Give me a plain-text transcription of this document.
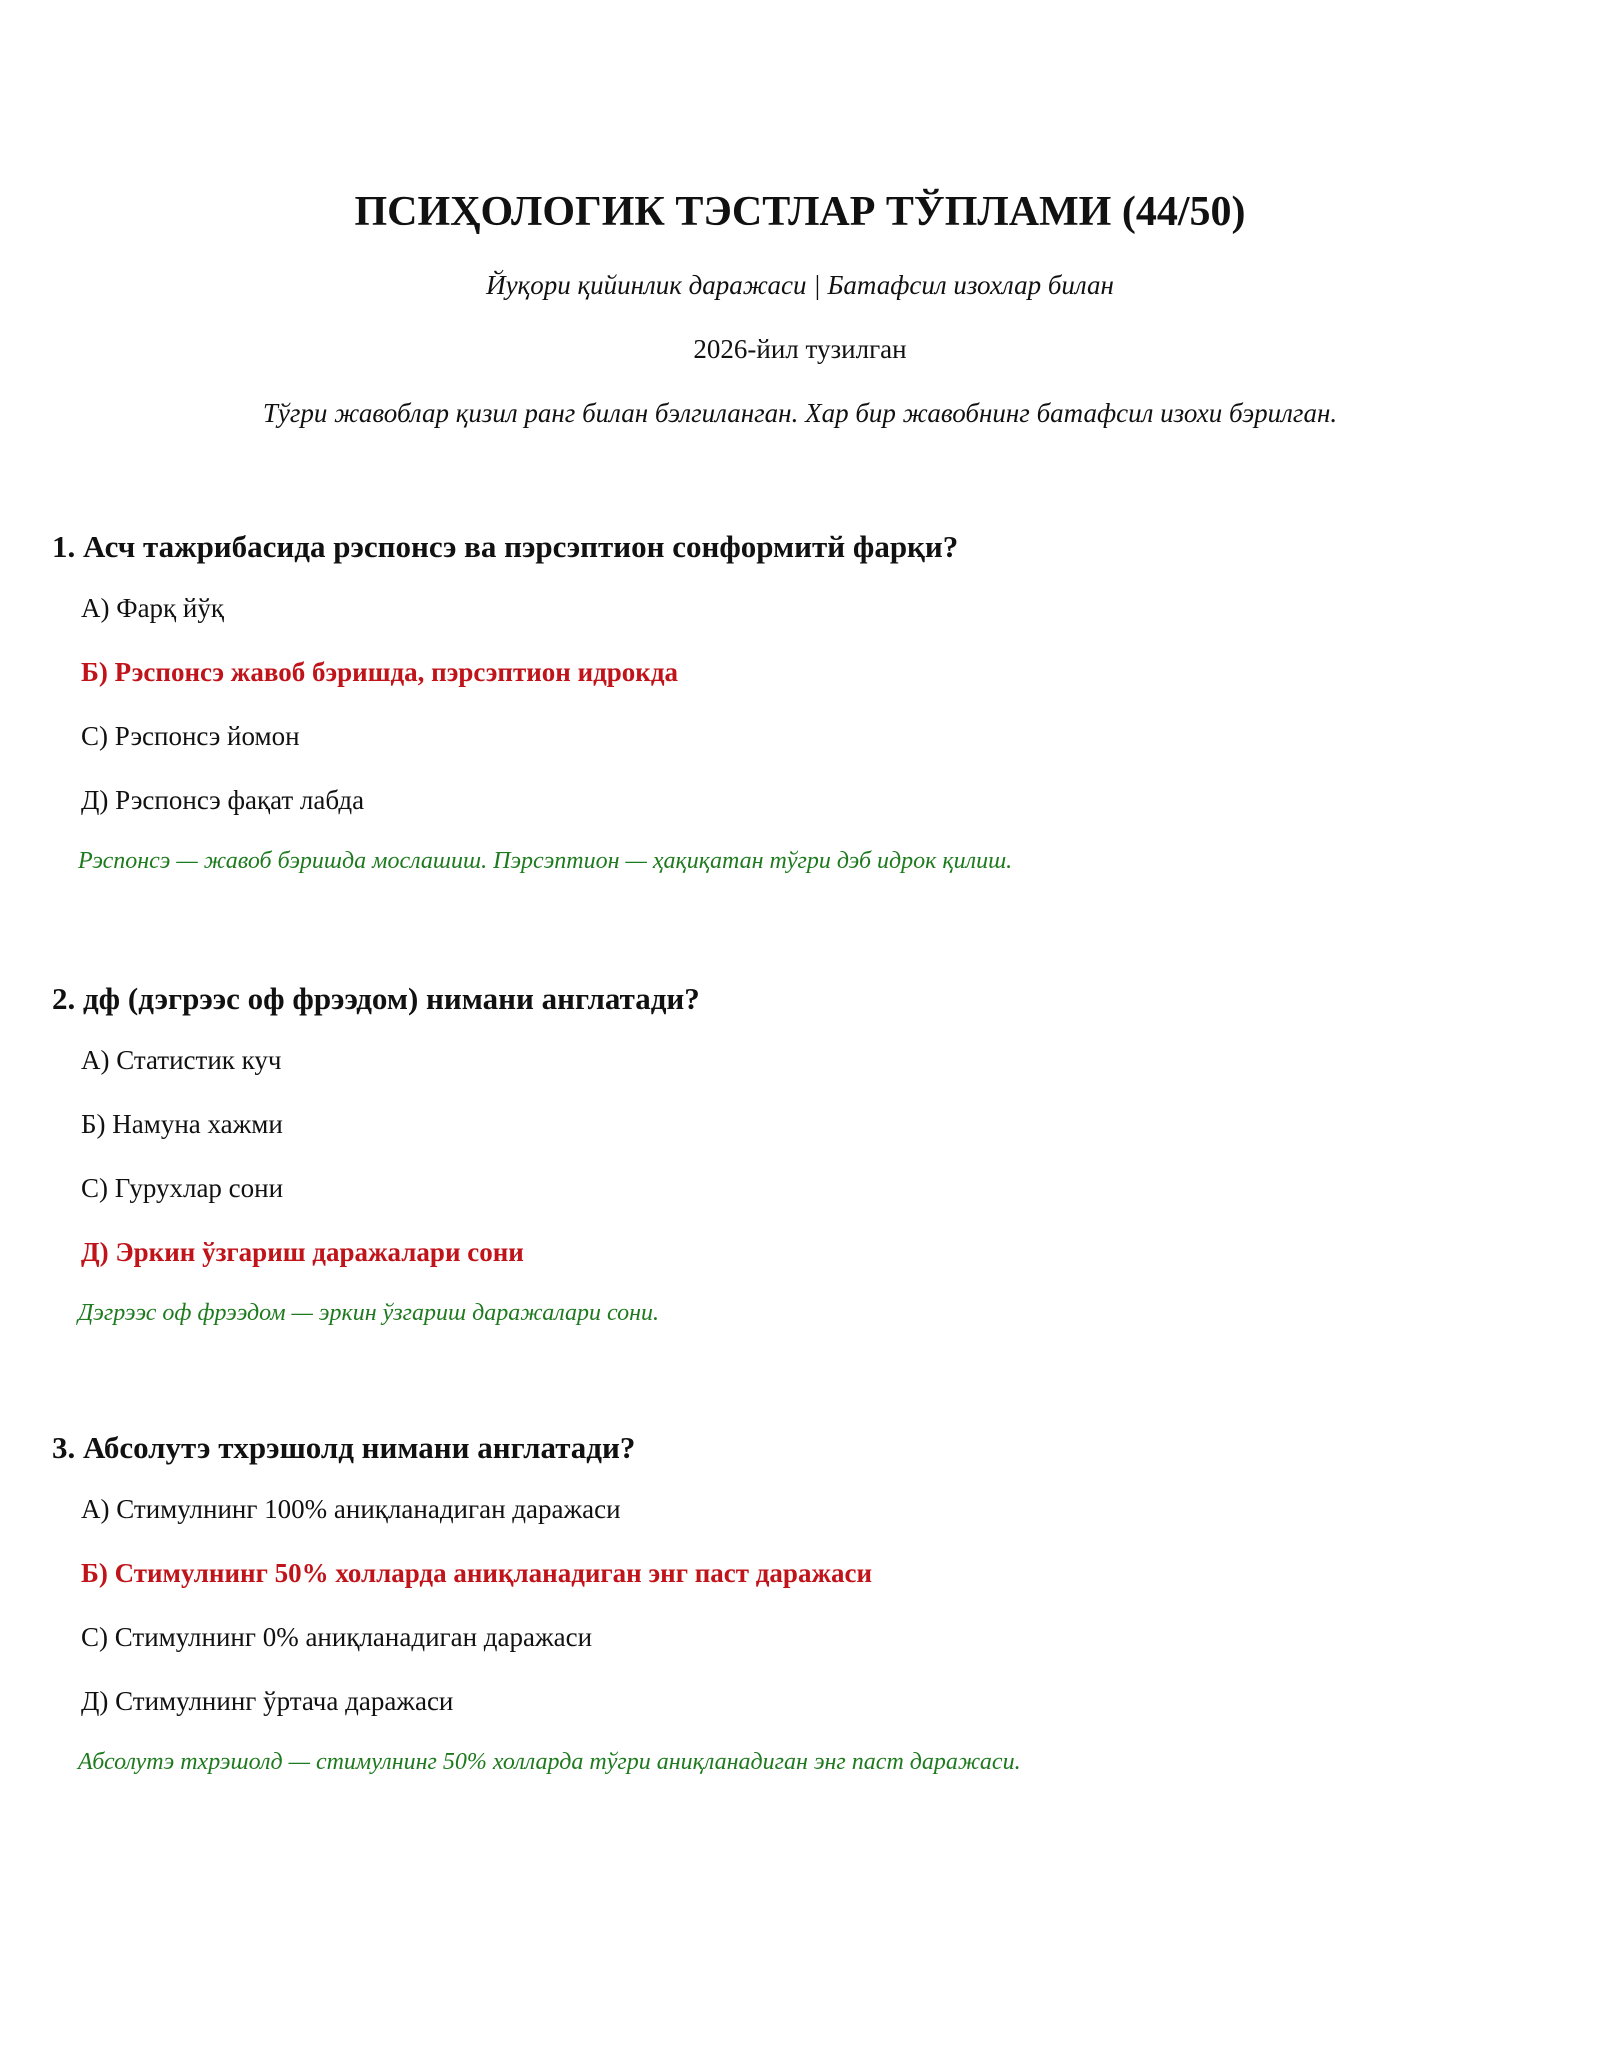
ПСИҲОЛОГИК ТЭСТЛАР ТЎПЛАМИ (44/50)
Йуқори қийинлик даражаси | Батафсил изохлар билан
2026-йил тузилган
Тўгри жавоблар қизил ранг билан бэлгиланган. Хар бир жавобнинг батафсил изохи бэрилган.
1. Асч тажрибасида рэспонсэ ва пэрсэптион сонформитй фарқи?
А) Фарқ йўқ
Б) Рэспонсэ жавоб бэришда, пэрсэптион идрокда
С) Рэспонсэ йомон
Д) Рэспонсэ фақат лабда
Рэспонсэ — жавоб бэришда мослашиш. Пэрсэптион — ҳақиқатан тўгри дэб идрок қилиш.
2. дф (дэгрээс оф фрээдом) нимани англатади?
А) Статистик куч
Б) Намуна хажми
С) Гурухлар сони
Д) Эркин ўзгариш даражалари сони
Дэгрээс оф фрээдом — эркин ўзгариш даражалари сони.
3. Абсолутэ тхрэшолд нимани англатади?
А) Стимулнинг 100% аниқланадиган даражаси
Б) Стимулнинг 50% холларда аниқланадиган энг паст даражаси
С) Стимулнинг 0% аниқланадиган даражаси
Д) Стимулнинг ўртача даражаси
Абсолутэ тхрэшолд — стимулнинг 50% холларда тўгри аниқланадиган энг паст даражаси.
